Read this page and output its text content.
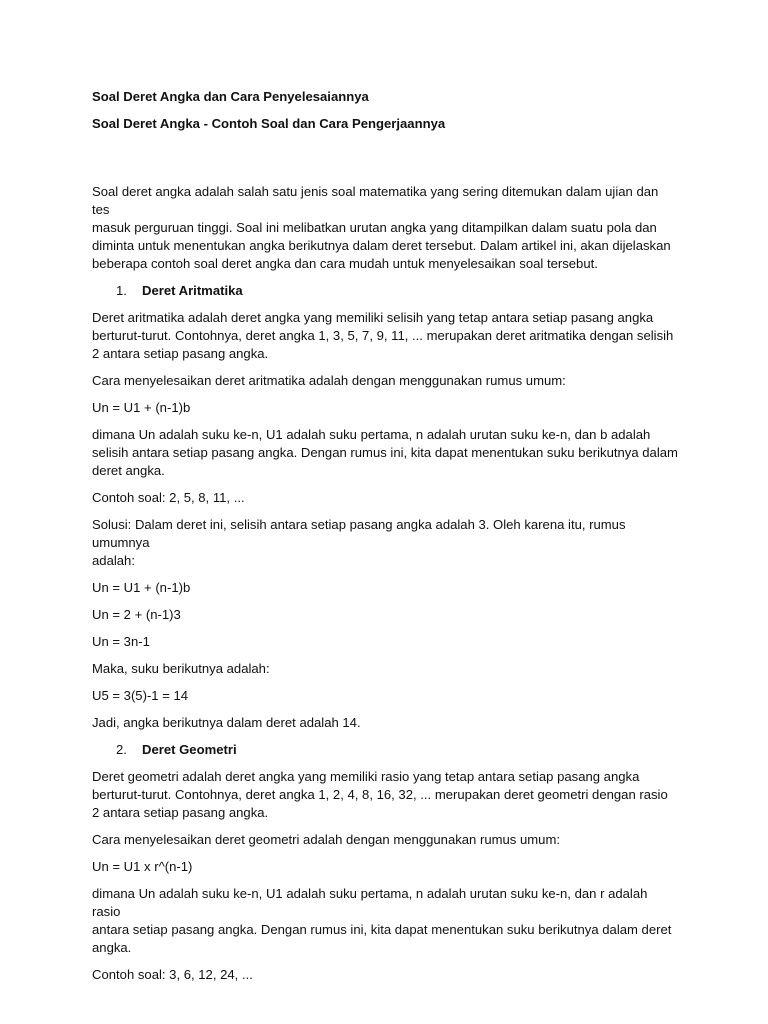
Soal Deret Angka dan Cara Penyelesaiannya
Soal Deret Angka - Contoh Soal dan Cara Pengerjaannya

Soal deret angka adalah salah satu jenis soal matematika yang sering ditemukan dalam ujian dan tes
masuk perguruan tinggi. Soal ini melibatkan urutan angka yang ditampilkan dalam suatu pola dan
diminta untuk menentukan angka berikutnya dalam deret tersebut. Dalam artikel ini, akan dijelaskan
beberapa contoh soal deret angka dan cara mudah untuk menyelesaikan soal tersebut.

1.	Deret Aritmatika

Deret aritmatika adalah deret angka yang memiliki selisih yang tetap antara setiap pasang angka
berturut-turut. Contohnya, deret angka 1, 3, 5, 7, 9, 11, ... merupakan deret aritmatika dengan selisih
2 antara setiap pasang angka.

Cara menyelesaikan deret aritmatika adalah dengan menggunakan rumus umum:

Un = U1 + (n-1)b

dimana Un adalah suku ke-n, U1 adalah suku pertama, n adalah urutan suku ke-n, dan b adalah
selisih antara setiap pasang angka. Dengan rumus ini, kita dapat menentukan suku berikutnya dalam
deret angka.

Contoh soal: 2, 5, 8, 11, ...

Solusi: Dalam deret ini, selisih antara setiap pasang angka adalah 3. Oleh karena itu, rumus umumnya
adalah:

Un = U1 + (n-1)b

Un = 2 + (n-1)3

Un = 3n-1

Maka, suku berikutnya adalah:

U5 = 3(5)-1 = 14

Jadi, angka berikutnya dalam deret adalah 14.

2.	Deret Geometri

Deret geometri adalah deret angka yang memiliki rasio yang tetap antara setiap pasang angka
berturut-turut. Contohnya, deret angka 1, 2, 4, 8, 16, 32, ... merupakan deret geometri dengan rasio
2 antara setiap pasang angka.

Cara menyelesaikan deret geometri adalah dengan menggunakan rumus umum:

Un = U1 x r^(n-1)

dimana Un adalah suku ke-n, U1 adalah suku pertama, n adalah urutan suku ke-n, dan r adalah rasio
antara setiap pasang angka. Dengan rumus ini, kita dapat menentukan suku berikutnya dalam deret
angka.

Contoh soal: 3, 6, 12, 24, ...
